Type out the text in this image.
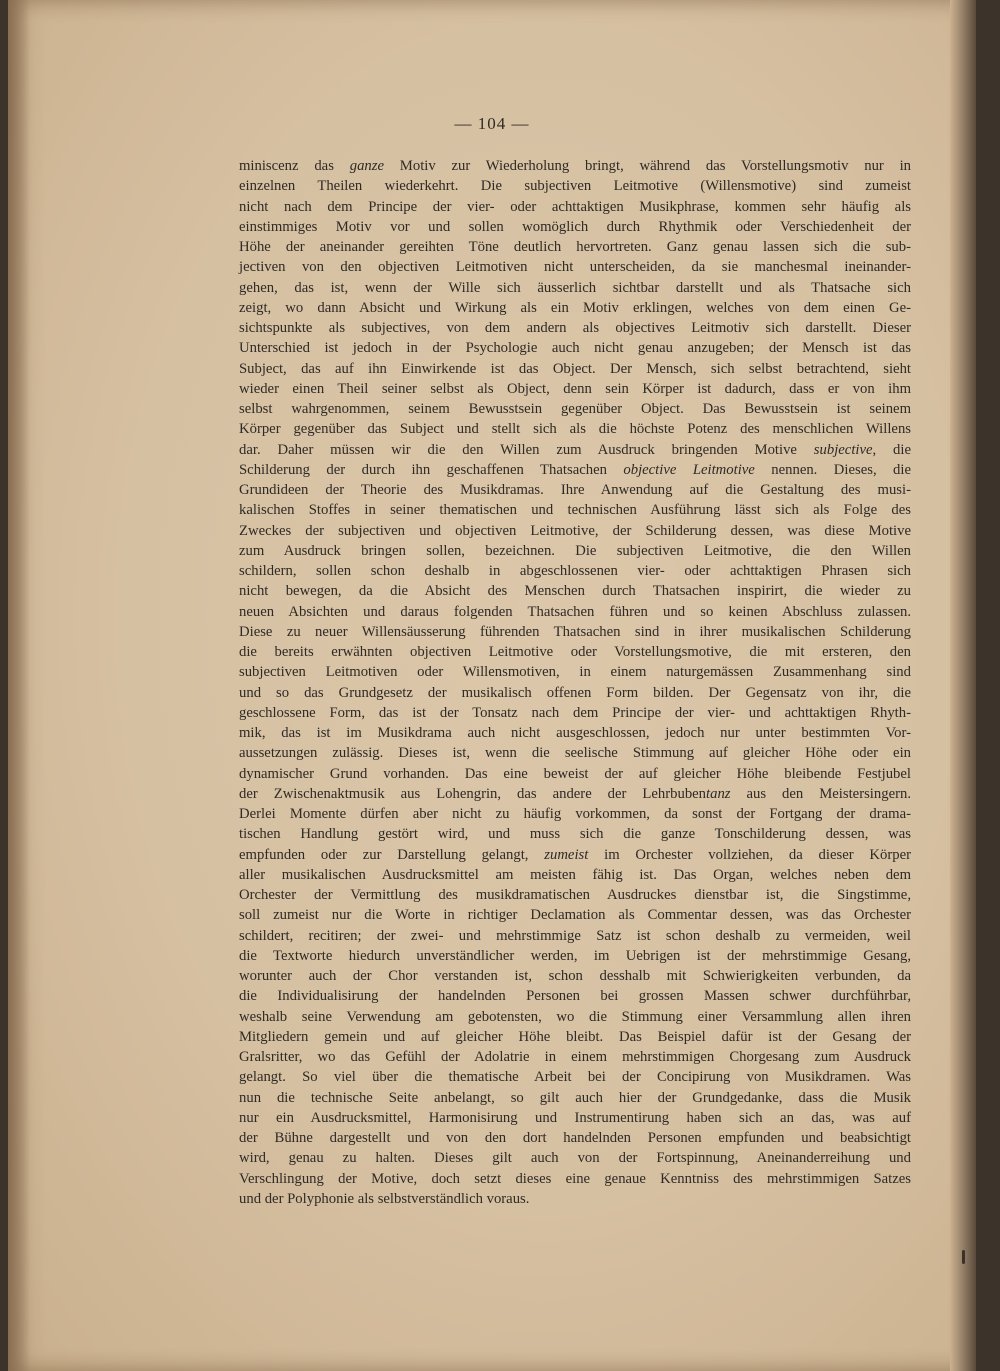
— 104 —
miniscenz das ganze Motiv zur Wiederholung bringt, während das Vorstellungsmotiv nur in
einzelnen Theilen wiederkehrt. Die subjectiven Leitmotive (Willensmotive) sind zumeist
nicht nach dem Principe der vier- oder achttaktigen Musikphrase, kommen sehr häufig als
einstimmiges Motiv vor und sollen womöglich durch Rhythmik oder Verschiedenheit der
Höhe der aneinander gereihten Töne deutlich hervortreten. Ganz genau lassen sich die sub-
jectiven von den objectiven Leitmotiven nicht unterscheiden, da sie manchesmal ineinander-
gehen, das ist, wenn der Wille sich äusserlich sichtbar darstellt und als Thatsache sich
zeigt, wo dann Absicht und Wirkung als ein Motiv erklingen, welches von dem einen Ge-
sichtspunkte als subjectives, von dem andern als objectives Leitmotiv sich darstellt. Dieser
Unterschied ist jedoch in der Psychologie auch nicht genau anzugeben; der Mensch ist das
Subject, das auf ihn Einwirkende ist das Object. Der Mensch, sich selbst betrachtend, sieht
wieder einen Theil seiner selbst als Object, denn sein Körper ist dadurch, dass er von ihm
selbst wahrgenommen, seinem Bewusstsein gegenüber Object. Das Bewusstsein ist seinem
Körper gegenüber das Subject und stellt sich als die höchste Potenz des menschlichen Willens
dar. Daher müssen wir die den Willen zum Ausdruck bringenden Motive subjective, die
Schilderung der durch ihn geschaffenen Thatsachen objective Leitmotive nennen. Dieses, die
Grundideen der Theorie des Musikdramas. Ihre Anwendung auf die Gestaltung des musi-
kalischen Stoffes in seiner thematischen und technischen Ausführung lässt sich als Folge des
Zweckes der subjectiven und objectiven Leitmotive, der Schilderung dessen, was diese Motive
zum Ausdruck bringen sollen, bezeichnen. Die subjectiven Leitmotive, die den Willen
schildern, sollen schon deshalb in abgeschlossenen vier- oder achttaktigen Phrasen sich
nicht bewegen, da die Absicht des Menschen durch Thatsachen inspirirt, die wieder zu
neuen Absichten und daraus folgenden Thatsachen führen und so keinen Abschluss zulassen.
Diese zu neuer Willensäusserung führenden Thatsachen sind in ihrer musikalischen Schilderung
die bereits erwähnten objectiven Leitmotive oder Vorstellungsmotive, die mit ersteren, den
subjectiven Leitmotiven oder Willensmotiven, in einem naturgemässen Zusammenhang sind
und so das Grundgesetz der musikalisch offenen Form bilden. Der Gegensatz von ihr, die
geschlossene Form, das ist der Tonsatz nach dem Principe der vier- und achttaktigen Rhyth-
mik, das ist im Musikdrama auch nicht ausgeschlossen, jedoch nur unter bestimmten Vor-
aussetzungen zulässig. Dieses ist, wenn die seelische Stimmung auf gleicher Höhe oder ein
dynamischer Grund vorhanden. Das eine beweist der auf gleicher Höhe bleibende Festjubel
der Zwischenaktmusik aus Lohengrin, das andere der Lehrbubentanz aus den Meistersingern.
Derlei Momente dürfen aber nicht zu häufig vorkommen, da sonst der Fortgang der drama-
tischen Handlung gestört wird, und muss sich die ganze Tonschilderung dessen, was
empfunden oder zur Darstellung gelangt, zumeist im Orchester vollziehen, da dieser Körper
aller musikalischen Ausdrucksmittel am meisten fähig ist. Das Organ, welches neben dem
Orchester der Vermittlung des musikdramatischen Ausdruckes dienstbar ist, die Singstimme,
soll zumeist nur die Worte in richtiger Declamation als Commentar dessen, was das Orchester
schildert, recitiren; der zwei- und mehrstimmige Satz ist schon deshalb zu vermeiden, weil
die Textworte hiedurch unverständlicher werden, im Uebrigen ist der mehrstimmige Gesang,
worunter auch der Chor verstanden ist, schon desshalb mit Schwierigkeiten verbunden, da
die Individualisirung der handelnden Personen bei grossen Massen schwer durchführbar,
weshalb seine Verwendung am gebotensten, wo die Stimmung einer Versammlung allen ihren
Mitgliedern gemein und auf gleicher Höhe bleibt. Das Beispiel dafür ist der Gesang der
Gralsritter, wo das Gefühl der Adolatrie in einem mehrstimmigen Chorgesang zum Ausdruck
gelangt. So viel über die thematische Arbeit bei der Concipirung von Musikdramen. Was
nun die technische Seite anbelangt, so gilt auch hier der Grundgedanke, dass die Musik
nur ein Ausdrucksmittel, Harmonisirung und Instrumentirung haben sich an das, was auf
der Bühne dargestellt und von den dort handelnden Personen empfunden und beabsichtigt
wird, genau zu halten. Dieses gilt auch von der Fortspinnung, Aneinanderreihung und
Verschlingung der Motive, doch setzt dieses eine genaue Kenntniss des mehrstimmigen Satzes
und der Polyphonie als selbstverständlich voraus.
